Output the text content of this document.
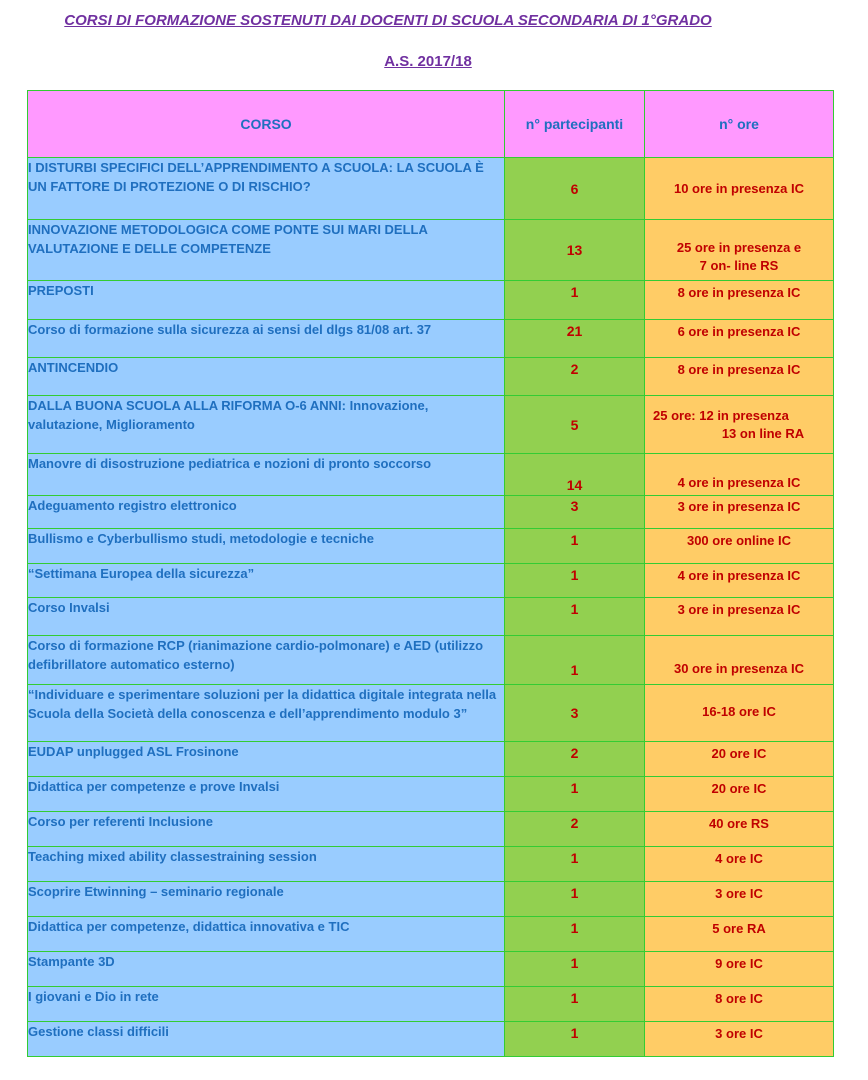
CORSI DI FORMAZIONE SOSTENUTI DAI DOCENTI DI SCUOLA SECONDARIA DI 1°GRADO
A.S. 2017/18
CORSO	n° partecipanti	n° ore

I DISTURBI SPECIFICI DELL’APPRENDIMENTO A SCUOLA: LA SCUOLA È UN FATTORE DI PROTEZIONE O DI RISCHIO?	6	10 ore in presenza IC

INNOVAZIONE METODOLOGICA COME PONTE SUI MARI DELLA VALUTAZIONE E DELLE COMPETENZE	13	25 ore in presenza e
7 on- line RS

PREPOSTI	1	8 ore in presenza IC

Corso di formazione sulla sicurezza ai sensi del dlgs 81/08 art. 37	21	6 ore in presenza IC

ANTINCENDIO	2	8 ore in presenza IC

DALLA BUONA SCUOLA ALLA RIFORMA O-6 ANNI: Innovazione, valutazione, Miglioramento	5	25 ore: 12 in presenza
13 on line RA

Manovre di disostruzione pediatrica e nozioni di pronto soccorso	14	4 ore in presenza IC

Adeguamento registro elettronico	3	3 ore in presenza IC

Bullismo e Cyberbullismo studi, metodologie e tecniche	1	300 ore online IC

“Settimana Europea della sicurezza”	1	4 ore in presenza IC

Corso Invalsi	1	3 ore in presenza IC

Corso di formazione RCP (rianimazione cardio-polmonare) e AED (utilizzo defibrillatore automatico esterno)	1	30 ore in presenza IC

“Individuare e sperimentare soluzioni per la didattica digitale integrata nella Scuola della Società della conoscenza e dell’apprendimento modulo 3”	3	16-18 ore IC

EUDAP unplugged ASL Frosinone	2	20 ore IC

Didattica per competenze e prove Invalsi	1	20 ore IC

Corso per referenti Inclusione	2	40 ore RS

Teaching mixed ability classestraining session	1	4 ore IC

Scoprire Etwinning – seminario regionale	1	3 ore IC

Didattica per competenze, didattica innovativa e TIC	1	5 ore RA

Stampante 3D	1	9 ore IC

I giovani e Dio in rete	1	8 ore IC

Gestione classi difficili	1	3 ore IC
